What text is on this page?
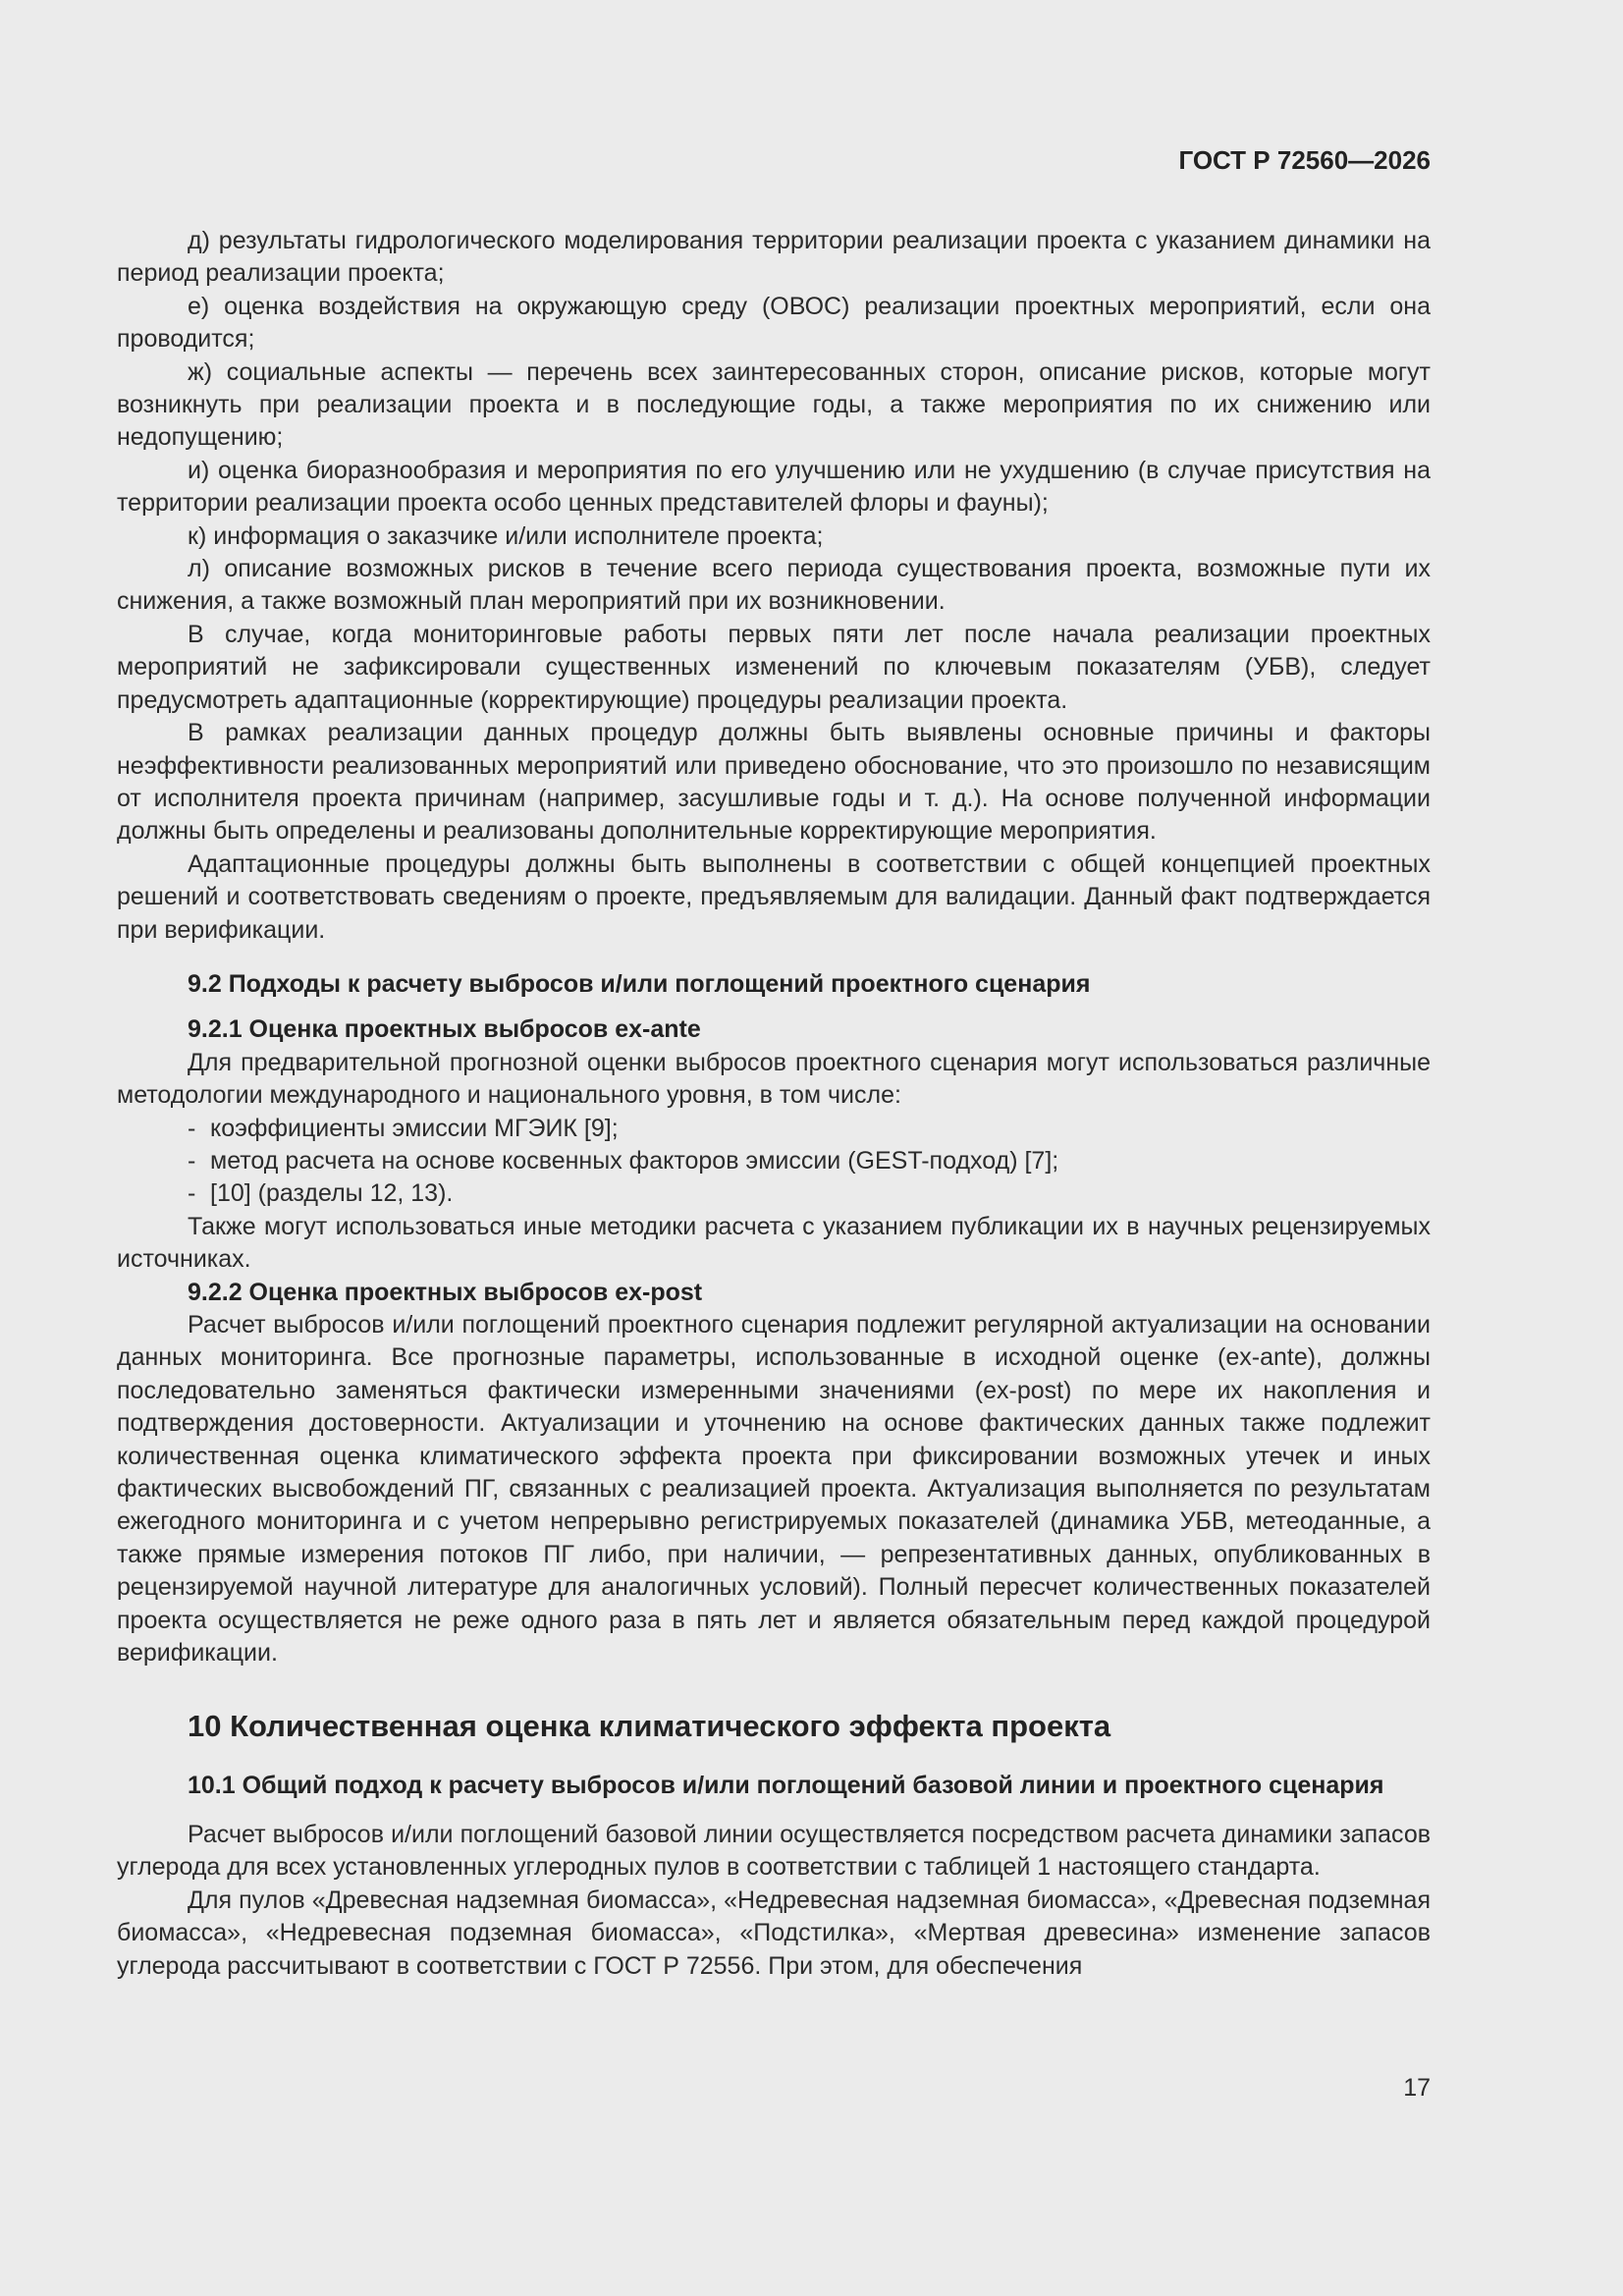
ГОСТ Р 72560—2026

д) результаты гидрологического моделирования территории реализации проекта с указанием динамики на период реализации проекта;

е) оценка воздействия на окружающую среду (ОВОС) реализации проектных мероприятий, если она проводится;

ж) социальные аспекты — перечень всех заинтересованных сторон, описание рисков, которые могут возникнуть при реализации проекта и в последующие годы, а также мероприятия по их снижению или недопущению;

и) оценка биоразнообразия и мероприятия по его улучшению или не ухудшению (в случае присутствия на территории реализации проекта особо ценных представителей флоры и фауны);

к) информация о заказчике и/или исполнителе проекта;

л) описание возможных рисков в течение всего периода существования проекта, возможные пути их снижения, а также возможный план мероприятий при их возникновении.

В случае, когда мониторинговые работы первых пяти лет после начала реализации проектных мероприятий не зафиксировали существенных изменений по ключевым показателям (УБВ), следует предусмотреть адаптационные (корректирующие) процедуры реализации проекта.

В рамках реализации данных процедур должны быть выявлены основные причины и факторы неэффективности реализованных мероприятий или приведено обоснование, что это произошло по независящим от исполнителя проекта причинам (например, засушливые годы и т. д.). На основе полученной информации должны быть определены и реализованы дополнительные корректирующие мероприятия.

Адаптационные процедуры должны быть выполнены в соответствии с общей концепцией проектных решений и соответствовать сведениям о проекте, предъявляемым для валидации. Данный факт подтверждается при верификации.

9.2 Подходы к расчету выбросов и/или поглощений проектного сценария
9.2.1 Оценка проектных выбросов ex-ante

Для предварительной прогнозной оценки выбросов проектного сценария могут использоваться различные методологии международного и национального уровня, в том числе:

- коэффициенты эмиссии МГЭИК [9];

- метод расчета на основе косвенных факторов эмиссии (GEST-подход) [7];

- [10] (разделы 12, 13).

Также могут использоваться иные методики расчета с указанием публикации их в научных рецензируемых источниках.

9.2.2 Оценка проектных выбросов ex-post

Расчет выбросов и/или поглощений проектного сценария подлежит регулярной актуализации на основании данных мониторинга. Все прогнозные параметры, использованные в исходной оценке (ex-ante), должны последовательно заменяться фактически измеренными значениями (ex-post) по мере их накопления и подтверждения достоверности. Актуализации и уточнению на основе фактических данных также подлежит количественная оценка климатического эффекта проекта при фиксировании возможных утечек и иных фактических высвобождений ПГ, связанных с реализацией проекта. Актуализация выполняется по результатам ежегодного мониторинга и с учетом непрерывно регистрируемых показателей (динамика УБВ, метеоданные, а также прямые измерения потоков ПГ либо, при наличии, — репрезентативных данных, опубликованных в рецензируемой научной литературе для аналогичных условий). Полный пересчет количественных показателей проекта осуществляется не реже одного раза в пять лет и является обязательным перед каждой процедурой верификации.

10 Количественная оценка климатического эффекта проекта
10.1 Общий подход к расчету выбросов и/или поглощений базовой линии и проектного сценария

Расчет выбросов и/или поглощений базовой линии осуществляется посредством расчета динамики запасов углерода для всех установленных углеродных пулов в соответствии с таблицей 1 настоящего стандарта.

Для пулов «Древесная надземная биомасса», «Недревесная надземная биомасса», «Древесная подземная биомасса», «Недревесная подземная биомасса», «Подстилка», «Мертвая древесина» изменение запасов углерода рассчитывают в соответствии с ГОСТ Р 72556. При этом, для обеспечения

17
